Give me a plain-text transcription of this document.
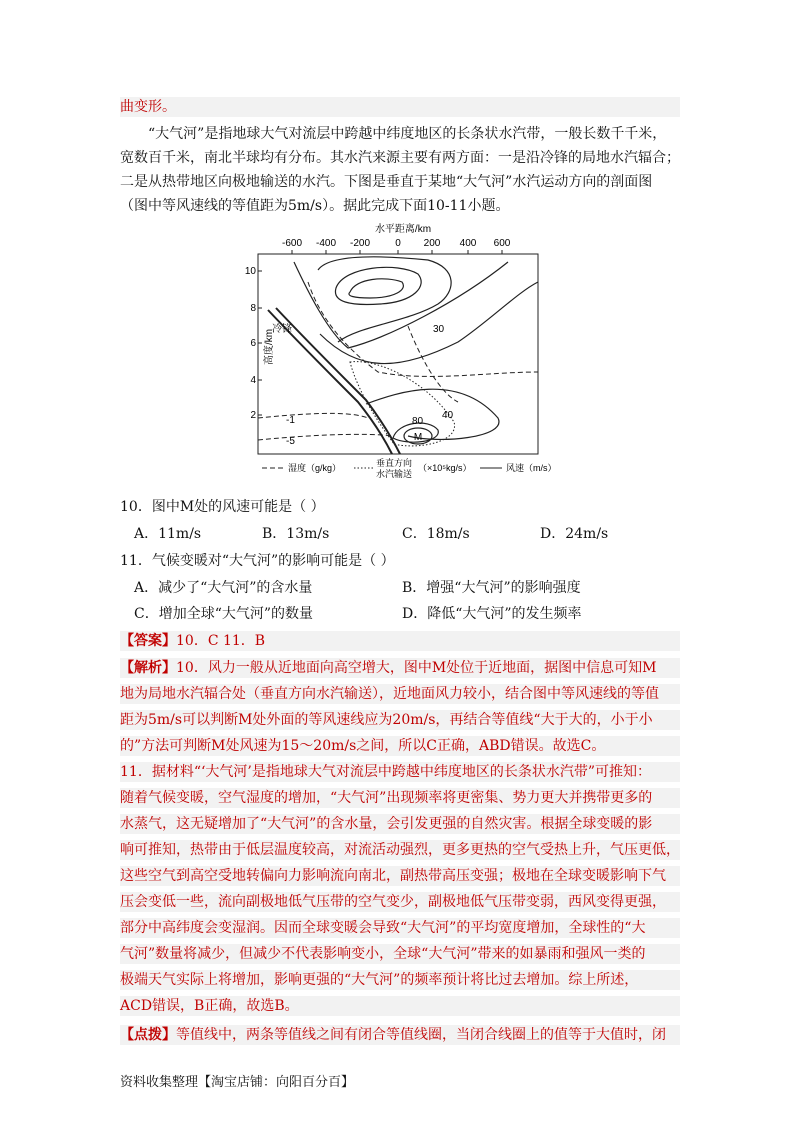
曲变形。
“大气河”是指地球大气对流层中跨越中纬度地区的长条状水汽带，一般长数千千米，
宽数百千米，南北半球均有分布。其水汽来源主要有两方面：一是沿冷锋的局地水汽辐合；
二是从热带地区向极地输送的水汽。下图是垂直于某地“大气河”水汽运动方向的剖面图
（图中等风速线的等值距为5m/s）。据此完成下面10-11小题。
水平距离/km
-600 -400 -200	0 200 400 600
高度/km
10
8
6
4
2
冷锋	30
40
80
-1
-5	M
湿度（g/kg）	垂直方向
水汽输送
（×10⁵kg/s）	风速（m/s）
10．图中M处的风速可能是（ ）
A．11m/s	B．13m/s	C．18m/s	D．24m/s
11．气候变暖对“大气河”的影响可能是（ ）
A．减少了“大气河”的含水量	B．增强“大气河”的影响强度
C．增加全球“大气河”的数量	D．降低“大气河”的发生频率
【答案】10．C 11．B
【解析】10．风力一般从近地面向高空增大，图中M处位于近地面，据图中信息可知M
地为局地水汽辐合处（垂直方向水汽输送），近地面风力较小，结合图中等风速线的等值
距为5m/s可以判断M处外面的等风速线应为20m/s，再结合等值线“大于大的，小于小
的”方法可判断M处风速为15～20m/s之间，所以C正确，ABD错误。故选C。
11．据材料“‘大气河’是指地球大气对流层中跨越中纬度地区的长条状水汽带”可推知：
随着气候变暖，空气湿度的增加，“大气河”出现频率将更密集、势力更大并携带更多的
水蒸气，这无疑增加了“大气河”的含水量，会引发更强的自然灾害。根据全球变暖的影
响可推知，热带由于低层温度较高，对流活动强烈，更多更热的空气受热上升，气压更低，
这些空气到高空受地转偏向力影响流向南北，副热带高压变强；极地在全球变暖影响下气
压会变低一些，流向副极地低气压带的空气变少，副极地低气压带变弱，西风变得更强，
部分中高纬度会变湿润。因而全球变暖会导致“大气河”的平均宽度增加，全球性的“大
气河”数量将减少，但减少不代表影响变小，全球“大气河”带来的如暴雨和强风一类的
极端天气实际上将增加，影响更强的“大气河”的频率预计将比过去增加。综上所述，
ACD错误，B正确，故选B。
【点拨】等值线中，两条等值线之间有闭合等值线圈，当闭合线圈上的值等于大值时，闭
资料收集整理【淘宝店铺：向阳百分百】
